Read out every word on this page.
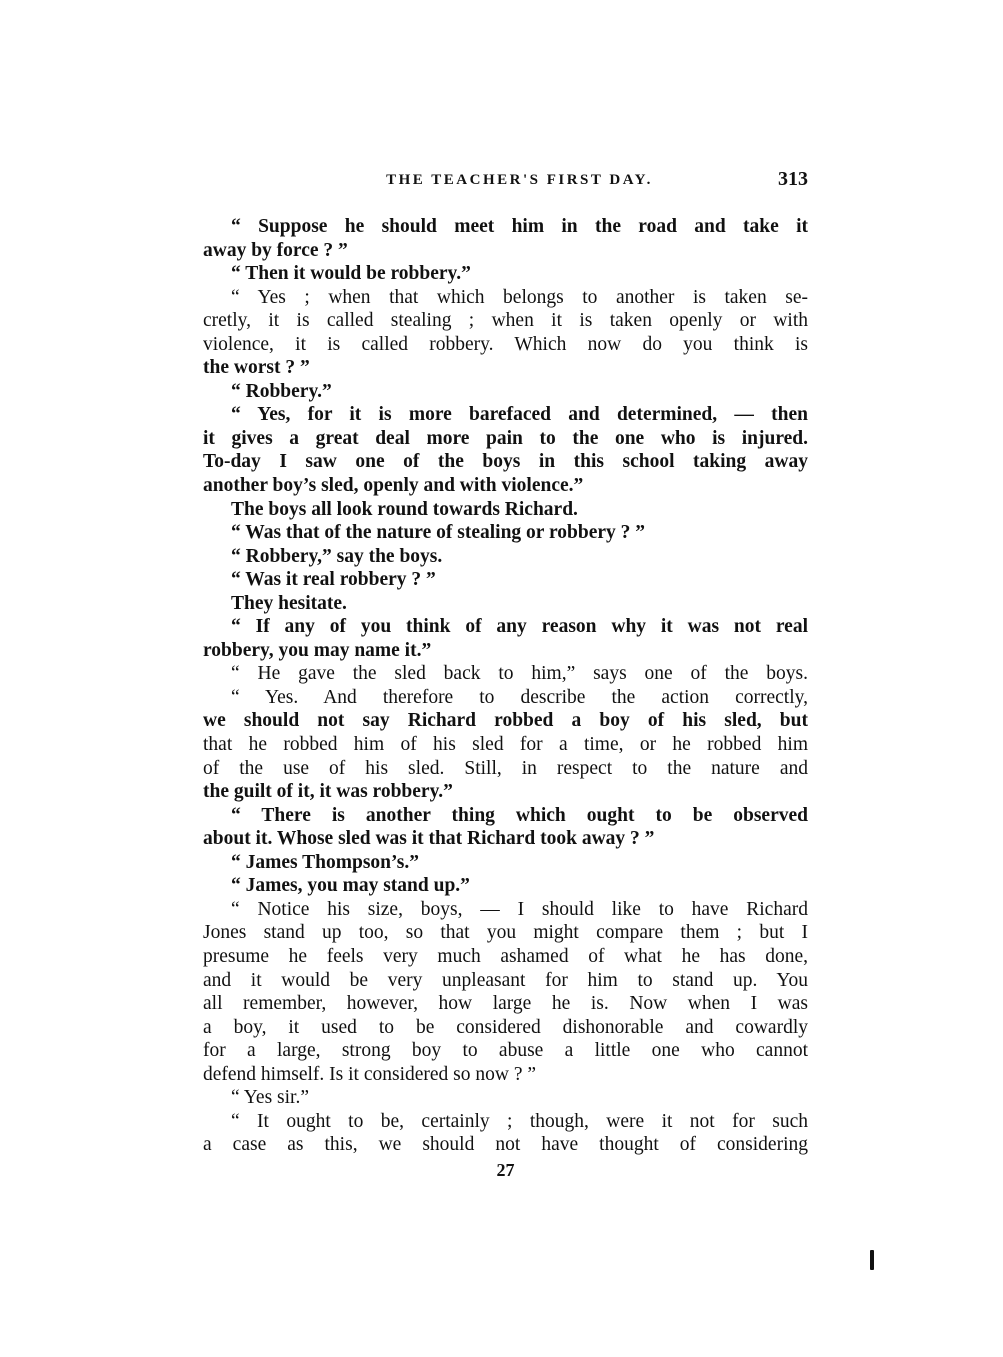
THE TEACHER'S FIRST DAY.	313
“ Suppose he should meet him in the road and take it
away by force ? ”
“ Then it would be robbery.”
“ Yes ; when that which belongs to another is taken se-
cretly, it is called stealing ; when it is taken openly or with
violence, it is called robbery. Which now do you think is
the worst ? ”
“ Robbery.”
“ Yes, for it is more barefaced and determined, — then
it gives a great deal more pain to the one who is injured.
To-day I saw one of the boys in this school taking away
another boy’s sled, openly and with violence.”
The boys all look round towards Richard.
“ Was that of the nature of stealing or robbery ? ”
“ Robbery,” say the boys.
“ Was it real robbery ? ”
They hesitate.
“ If any of you think of any reason why it was not real
robbery, you may name it.”
“ He gave the sled back to him,” says one of the boys.
“ Yes. And therefore to describe the action correctly,
we should not say Richard robbed a boy of his sled, but
that he robbed him of his sled for a time, or he robbed him
of the use of his sled. Still, in respect to the nature and
the guilt of it, it was robbery.”
“ There is another thing which ought to be observed
about it. Whose sled was it that Richard took away ? ”
“ James Thompson’s.”
“ James, you may stand up.”
“ Notice his size, boys, — I should like to have Richard
Jones stand up too, so that you might compare them ; but I
presume he feels very much ashamed of what he has done,
and it would be very unpleasant for him to stand up. You
all remember, however, how large he is. Now when I was
a boy, it used to be considered dishonorable and cowardly
for a large, strong boy to abuse a little one who cannot
defend himself. Is it considered so now ? ”
“ Yes sir.”
“ It ought to be, certainly ; though, were it not for such
a case as this, we should not have thought of considering
27
